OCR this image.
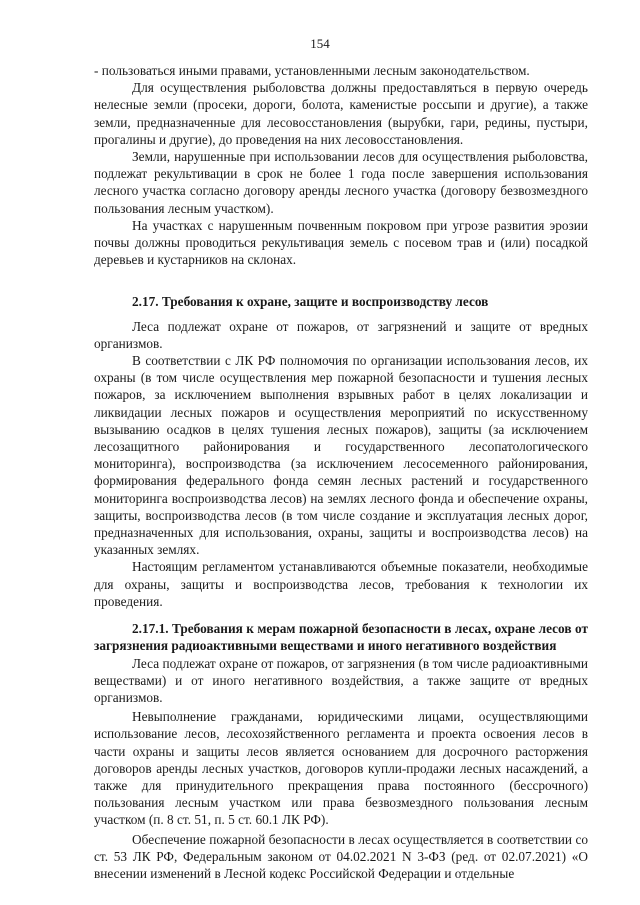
154

- пользоваться иными правами, установленными лесным законодательством.

Для осуществления рыболовства должны предоставляться в первую очередь нелесные земли (просеки, дороги, болота, каменистые россыпи и другие), а также земли, предназначенные для лесовосстановления (вырубки, гари, редины, пустыри, прогалины и другие), до проведения на них лесовосстановления.

Земли, нарушенные при использовании лесов для осуществления рыболовства, подлежат рекультивации в срок не более 1 года после завершения использования лесного участка согласно договору аренды лесного участка (договору безвозмездного пользования лесным участком).

На участках с нарушенным почвенным покровом при угрозе развития эрозии почвы должны проводиться рекультивация земель с посевом трав и (или) посадкой деревьев и кустарников на склонах.

2.17. Требования к охране, защите и воспроизводству лесов

Леса подлежат охране от пожаров, от загрязнений и защите от вредных организмов.

В соответствии с ЛК РФ полномочия по организации использования лесов, их охраны (в том числе осуществления мер пожарной безопасности и тушения лесных пожаров, за исключением выполнения взрывных работ в целях локализации и ликвидации лесных пожаров и осуществления мероприятий по искусственному вызыванию осадков в целях тушения лесных пожаров), защиты (за исключением лесозащитного районирования и государственного лесопатологического мониторинга), воспроизводства (за исключением лесосеменного районирования, формирования федерального фонда семян лесных растений и государственного мониторинга воспроизводства лесов) на землях лесного фонда и обеспечение охраны, защиты, воспроизводства лесов (в том числе создание и эксплуатация лесных дорог, предназначенных для использования, охраны, защиты и воспроизводства лесов) на указанных землях.

Настоящим регламентом устанавливаются объемные показатели, необходимые для охраны, защиты и воспроизводства лесов, требования к технологии их проведения.

2.17.1. Требования к мерам пожарной безопасности в лесах, охране лесов от загрязнения радиоактивными веществами и иного негативного воздействия

Леса подлежат охране от пожаров, от загрязнения (в том числе радиоактивными веществами) и от иного негативного воздействия, а также защите от вредных организмов.

Невыполнение гражданами, юридическими лицами, осуществляющими использование лесов, лесохозяйственного регламента и проекта освоения лесов в части охраны и защиты лесов является основанием для досрочного расторжения договоров аренды лесных участков, договоров купли-продажи лесных насаждений, а также для принудительного прекращения права постоянного (бессрочного) пользования лесным участком или права безвозмездного пользования лесным участком (п. 8 ст. 51, п. 5 ст. 60.1 ЛК РФ).

Обеспечение пожарной безопасности в лесах осуществляется в соответствии со ст. 53 ЛК РФ, Федеральным законом от 04.02.2021 N 3-ФЗ (ред. от 02.07.2021) «О внесении изменений в Лесной кодекс Российской Федерации и отдельные
